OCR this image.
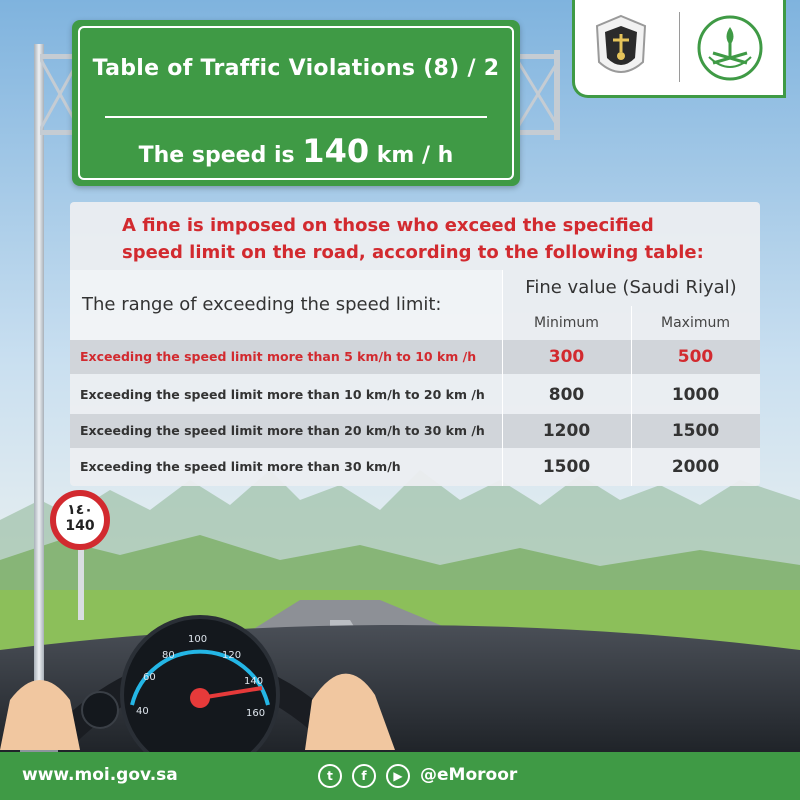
Table of Traffic Violations (8) / 2
The speed is 140 km / h
A fine is imposed on those who exceed the specified
speed limit on the road, according to the following table:
The range of exceeding the speed limit:
Fine value (Saudi Riyal)
Minimum	Maximum
Exceeding the speed limit more than 5 km/h to 10 km /h	300	500
Exceeding the speed limit more than 10 km/h to 20 km /h	800	1000
Exceeding the speed limit more than 20 km/h to 30 km /h	1200	1500
Exceeding the speed limit more than 30 km/h	1500	2000
١٤٠
140
60
80
100
120
140
160
40
www.moi.gov.sa	t	f	▶	@eMoroor
